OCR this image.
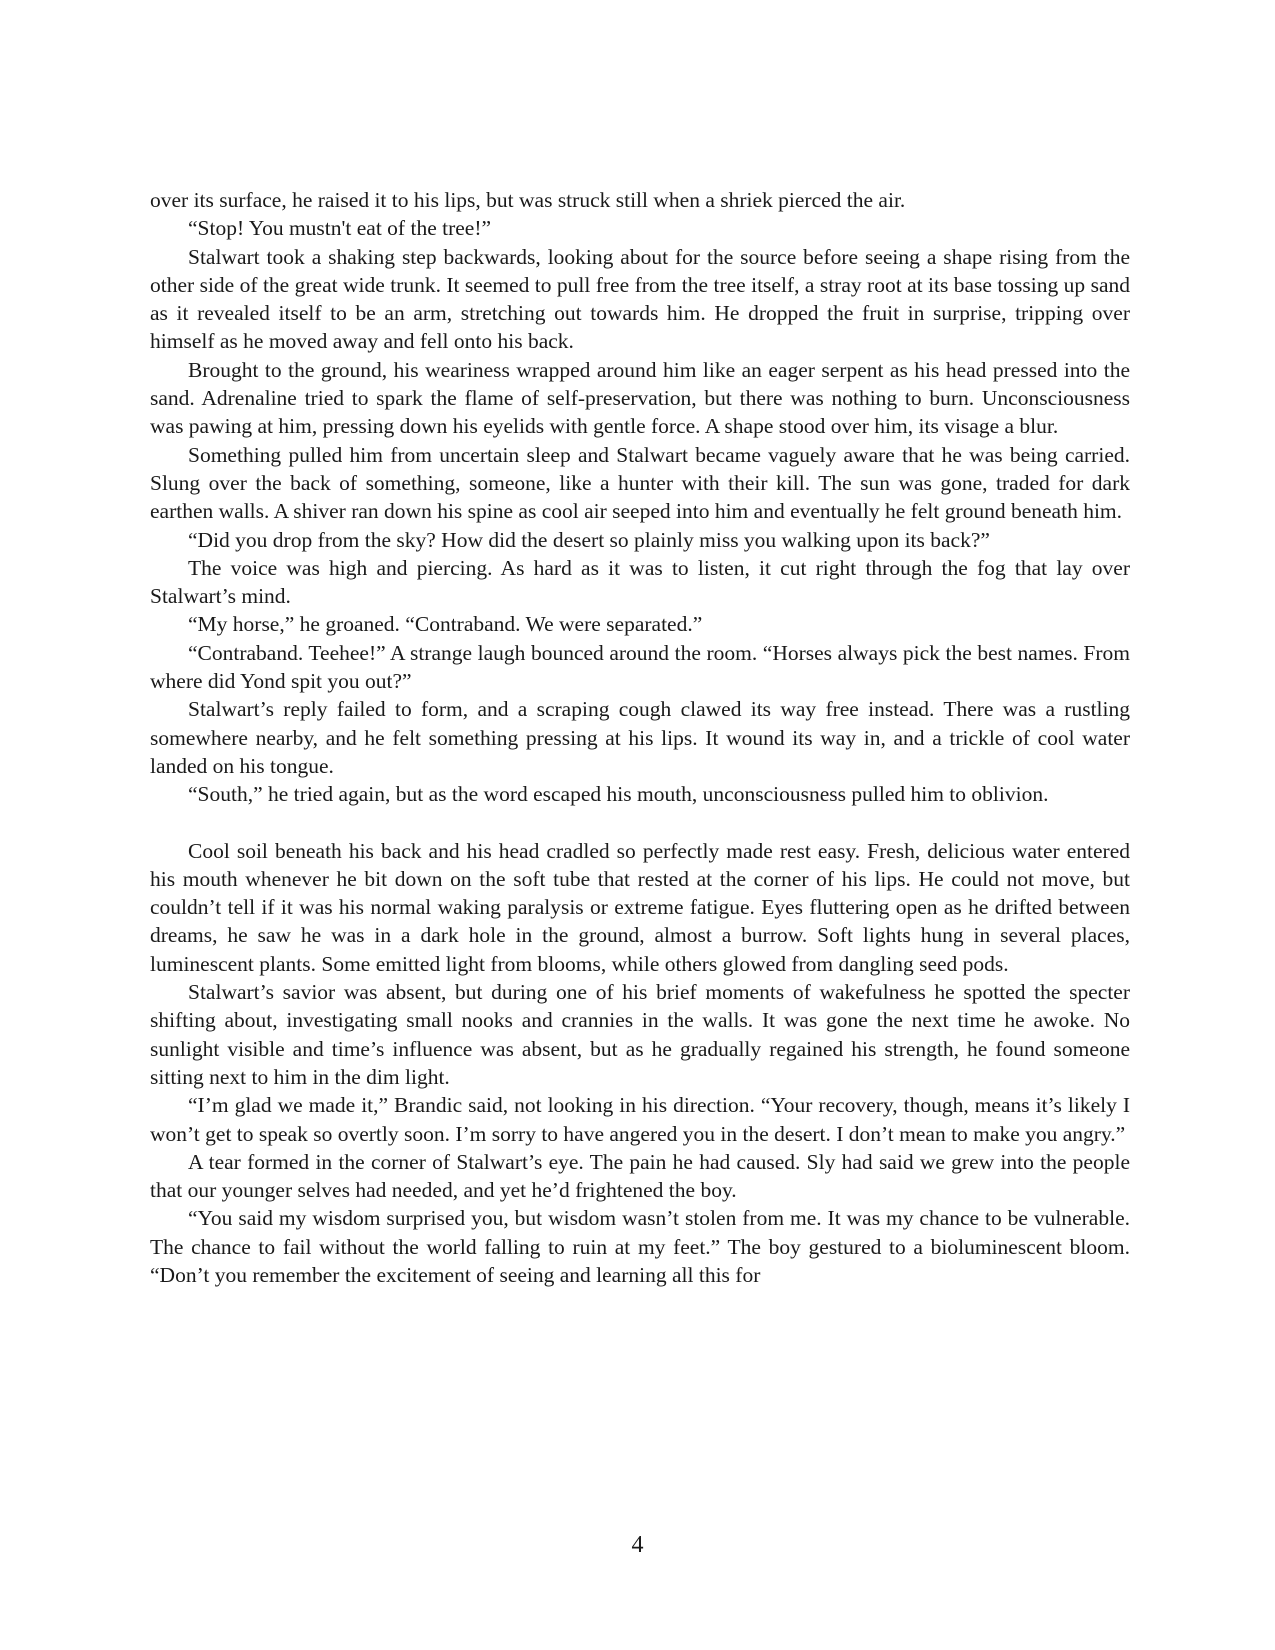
over its surface, he raised it to his lips, but was struck still when a shriek pierced the air.

“Stop! You mustn't eat of the tree!”

Stalwart took a shaking step backwards, looking about for the source before seeing a shape rising from the other side of the great wide trunk. It seemed to pull free from the tree itself, a stray root at its base tossing up sand as it revealed itself to be an arm, stretching out towards him. He dropped the fruit in surprise, tripping over himself as he moved away and fell onto his back.

Brought to the ground, his weariness wrapped around him like an eager serpent as his head pressed into the sand. Adrenaline tried to spark the flame of self-preservation, but there was nothing to burn. Unconsciousness was pawing at him, pressing down his eyelids with gentle force. A shape stood over him, its visage a blur.

Something pulled him from uncertain sleep and Stalwart became vaguely aware that he was being carried. Slung over the back of something, someone, like a hunter with their kill. The sun was gone, traded for dark earthen walls. A shiver ran down his spine as cool air seeped into him and eventually he felt ground beneath him.

“Did you drop from the sky? How did the desert so plainly miss you walking upon its back?”

The voice was high and piercing. As hard as it was to listen, it cut right through the fog that lay over Stalwart’s mind.

“My horse,” he groaned. “Contraband. We were separated.”

“Contraband. Teehee!” A strange laugh bounced around the room. “Horses always pick the best names. From where did Yond spit you out?”

Stalwart’s reply failed to form, and a scraping cough clawed its way free instead. There was a rustling somewhere nearby, and he felt something pressing at his lips. It wound its way in, and a trickle of cool water landed on his tongue.

“South,” he tried again, but as the word escaped his mouth, unconsciousness pulled him to oblivion.

Cool soil beneath his back and his head cradled so perfectly made rest easy. Fresh, delicious water entered his mouth whenever he bit down on the soft tube that rested at the corner of his lips. He could not move, but couldn’t tell if it was his normal waking paralysis or extreme fatigue. Eyes fluttering open as he drifted between dreams, he saw he was in a dark hole in the ground, almost a burrow. Soft lights hung in several places, luminescent plants. Some emitted light from blooms, while others glowed from dangling seed pods.

Stalwart’s savior was absent, but during one of his brief moments of wakefulness he spotted the specter shifting about, investigating small nooks and crannies in the walls. It was gone the next time he awoke. No sunlight visible and time’s influence was absent, but as he gradually regained his strength, he found someone sitting next to him in the dim light.

“I’m glad we made it,” Brandic said, not looking in his direction. “Your recovery, though, means it’s likely I won’t get to speak so overtly soon. I’m sorry to have angered you in the desert. I don’t mean to make you angry.”

A tear formed in the corner of Stalwart’s eye. The pain he had caused. Sly had said we grew into the people that our younger selves had needed, and yet he’d frightened the boy.

“You said my wisdom surprised you, but wisdom wasn’t stolen from me. It was my chance to be vulnerable. The chance to fail without the world falling to ruin at my feet.” The boy gestured to a bioluminescent bloom. “Don’t you remember the excitement of seeing and learning all this for

4
